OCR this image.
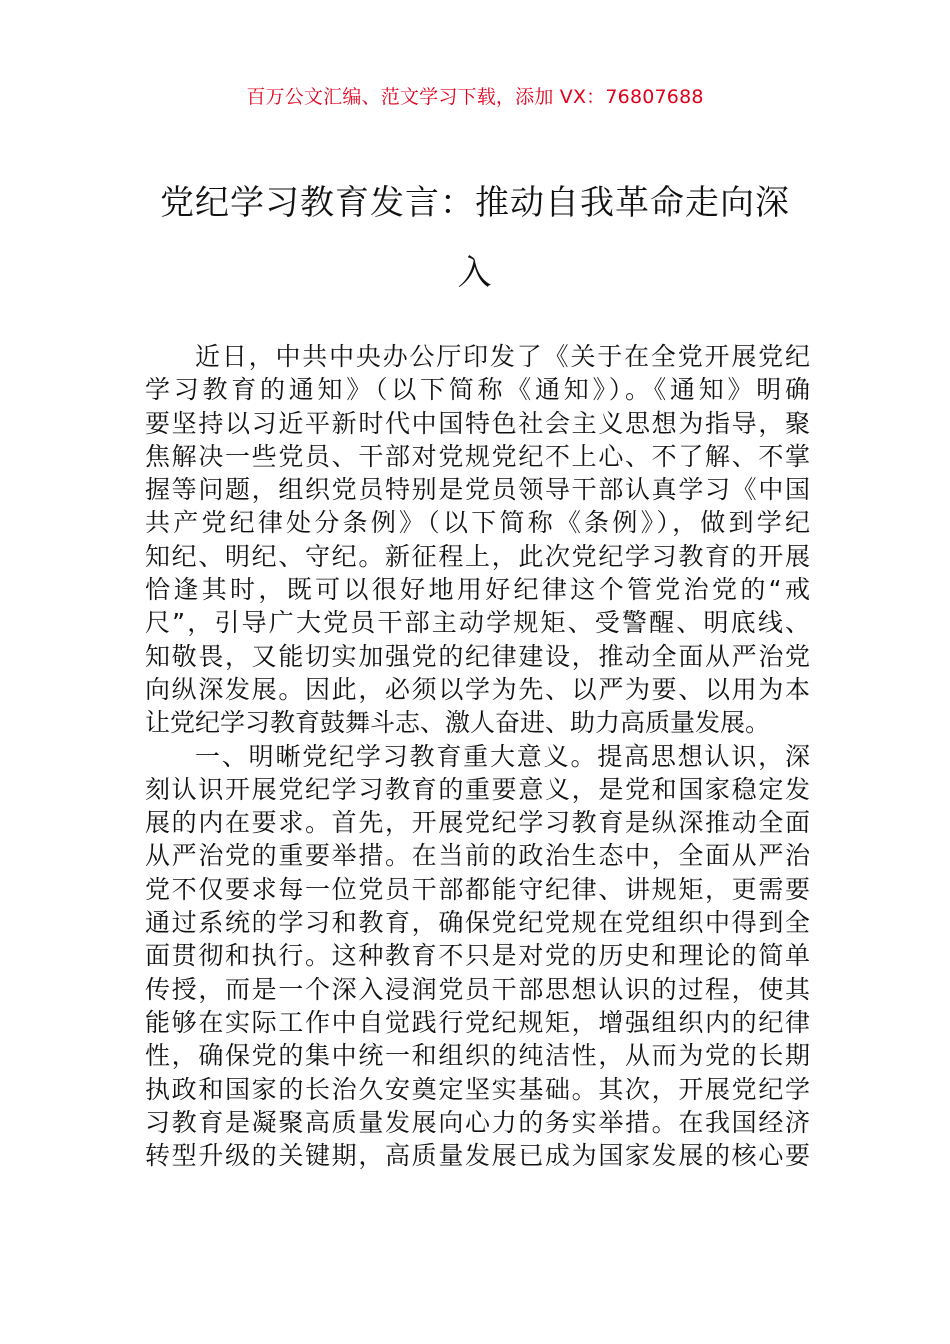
百万公文汇编、范文学习下载，添加 VX：76807688
党纪学习教育发言：推动自我革命走向深
入
近日，中共中央办公厅印发了《关于在全党开展党纪
学习教育的通知》（以下简称《通知》）。《通知》明确
要坚持以习近平新时代中国特色社会主义思想为指导，聚
焦解决一些党员、干部对党规党纪不上心、不了解、不掌
握等问题，组织党员特别是党员领导干部认真学习《中国
共产党纪律处分条例》（以下简称《条例》），做到学纪
知纪、明纪、守纪。新征程上，此次党纪学习教育的开展
恰逢其时，既可以很好地用好纪律这个管党治党的“戒
尺”，引导广大党员干部主动学规矩、受警醒、明底线、
知敬畏，又能切实加强党的纪律建设，推动全面从严治党
向纵深发展。因此，必须以学为先、以严为要、以用为本
让党纪学习教育鼓舞斗志、激人奋进、助力高质量发展。
一、明晰党纪学习教育重大意义。提高思想认识，深
刻认识开展党纪学习教育的重要意义，是党和国家稳定发
展的内在要求。首先，开展党纪学习教育是纵深推动全面
从严治党的重要举措。在当前的政治生态中，全面从严治
党不仅要求每一位党员干部都能守纪律、讲规矩，更需要
通过系统的学习和教育，确保党纪党规在党组织中得到全
面贯彻和执行。这种教育不只是对党的历史和理论的简单
传授，而是一个深入浸润党员干部思想认识的过程，使其
能够在实际工作中自觉践行党纪规矩，增强组织内的纪律
性，确保党的集中统一和组织的纯洁性，从而为党的长期
执政和国家的长治久安奠定坚实基础。其次，开展党纪学
习教育是凝聚高质量发展向心力的务实举措。在我国经济
转型升级的关键期，高质量发展已成为国家发展的核心要
